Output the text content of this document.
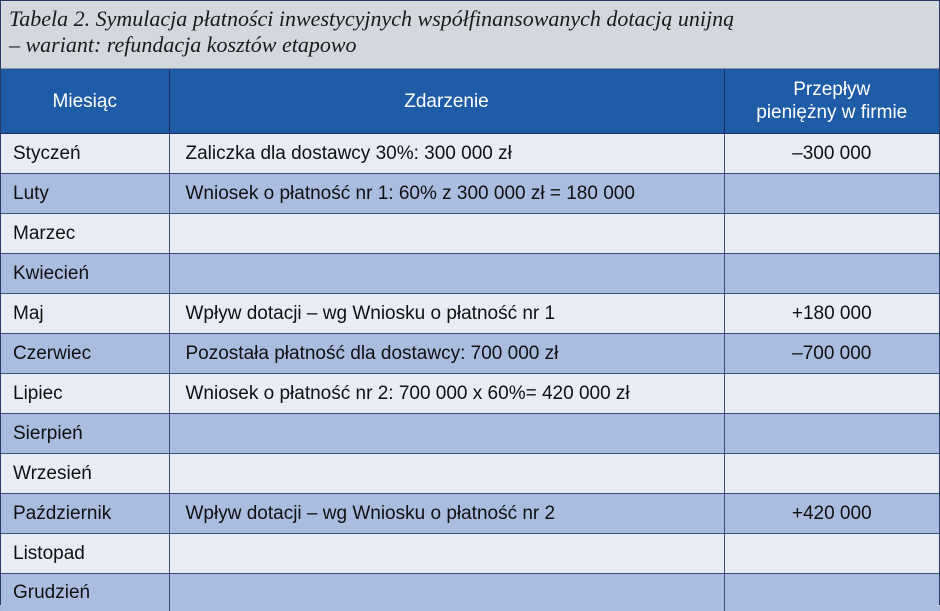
Tabela 2. Symulacja płatności inwestycyjnych współfinansowanych dotacją unijną
– wariant: refundacja kosztów etapowo
Miesiąc	Zdarzenie	Przepływ
pieniężny w firmie

Styczeń	Zaliczka dla dostawcy 30%: 300 000 zł	–300 000
Luty	Wniosek o płatność nr 1: 60% z 300 000 zł = 180 000	
Marzec		
Kwiecień		
Maj	Wpływ dotacji – wg Wniosku o płatność nr 1	+180 000
Czerwiec	Pozostała płatność dla dostawcy: 700 000 zł	–700 000
Lipiec	Wniosek o płatność nr 2: 700 000 x 60%= 420 000 zł	
Sierpień		
Wrzesień		
Październik	Wpływ dotacji – wg Wniosku o płatność nr 2	+420 000
Listopad		
Grudzień		
